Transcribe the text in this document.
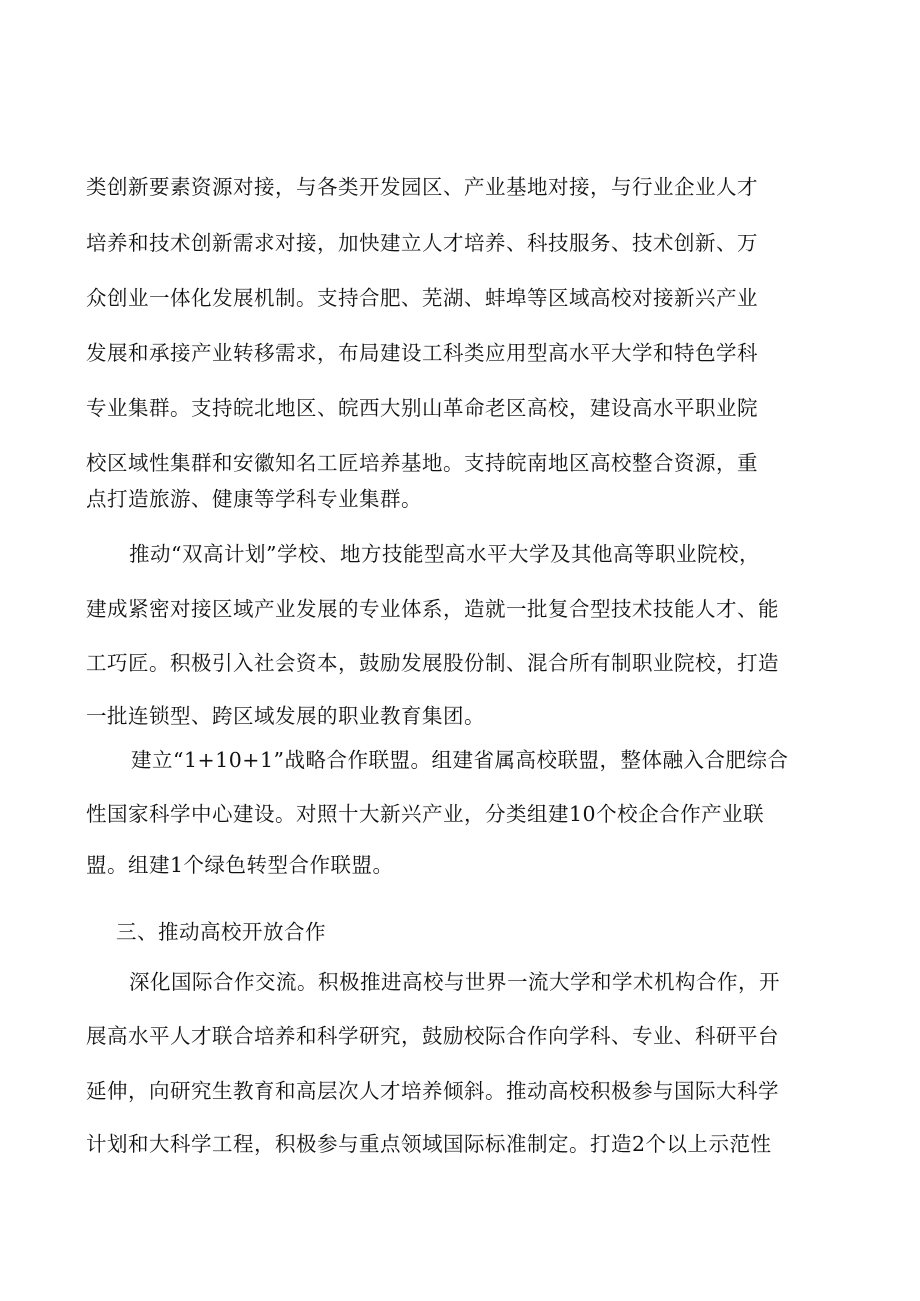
类创新要素资源对接，与各类开发园区、产业基地对接，与行业企业人才
培养和技术创新需求对接，加快建立人才培养、科技服务、技术创新、万
众创业一体化发展机制。支持合肥、芜湖、蚌埠等区域高校对接新兴产业
发展和承接产业转移需求，布局建设工科类应用型高水平大学和特色学科
专业集群。支持皖北地区、皖西大别山革命老区高校，建设高水平职业院
校区域性集群和安徽知名工匠培养基地。支持皖南地区高校整合资源，重
点打造旅游、健康等学科专业集群。
推动“双高计划”学校、地方技能型高水平大学及其他高等职业院校，
建成紧密对接区域产业发展的专业体系，造就一批复合型技术技能人才、能
工巧匠。积极引入社会资本，鼓励发展股份制、混合所有制职业院校，打造
一批连锁型、跨区域发展的职业教育集团。
建立“1+10+1”战略合作联盟。组建省属高校联盟，整体融入合肥综合
性国家科学中心建设。对照十大新兴产业，分类组建10个校企合作产业联
盟。组建1个绿色转型合作联盟。
三、推动高校开放合作
深化国际合作交流。积极推进高校与世界一流大学和学术机构合作，开
展高水平人才联合培养和科学研究，鼓励校际合作向学科、专业、科研平台
延伸，向研究生教育和高层次人才培养倾斜。推动高校积极参与国际大科学
计划和大科学工程，积极参与重点领域国际标准制定。打造2个以上示范性
